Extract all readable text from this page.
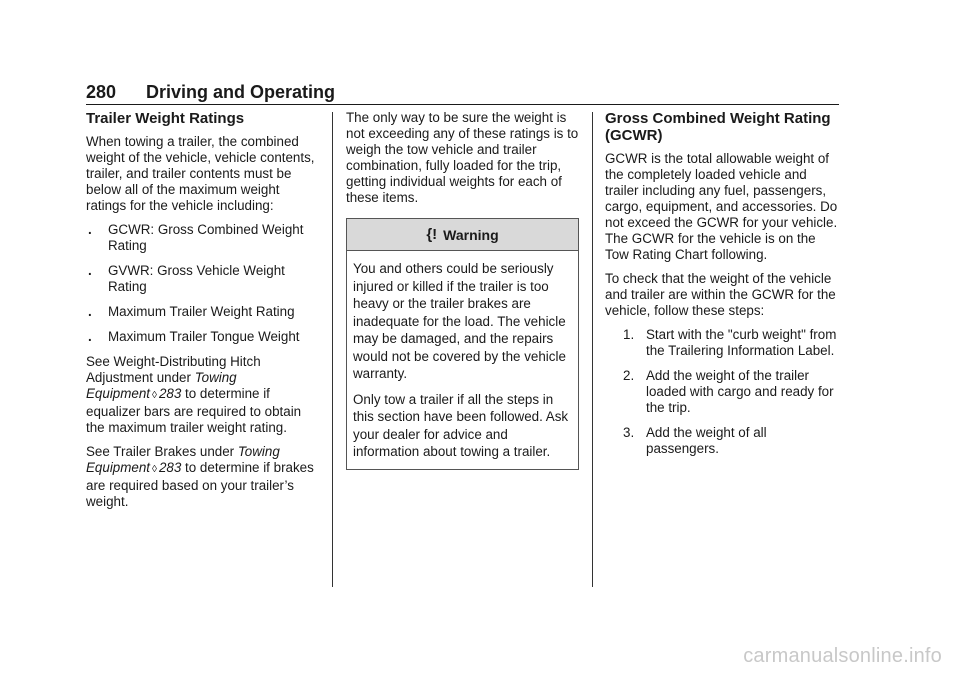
280 Driving and Operating
Trailer Weight Ratings

When towing a trailer, the combined weight of the vehicle, vehicle contents, trailer, and trailer contents must be below all of the maximum weight ratings for the vehicle including:

. GCWR: Gross Combined Weight Rating
. GVWR: Gross Vehicle Weight Rating
. Maximum Trailer Weight Rating
. Maximum Trailer Tongue Weight

See Weight-Distributing Hitch Adjustment under Towing Equipment ◊ 283 to determine if equalizer bars are required to obtain the maximum trailer weight rating.

See Trailer Brakes under Towing Equipment ◊ 283 to determine if brakes are required based on your trailer’s weight.

The only way to be sure the weight is not exceeding any of these ratings is to weigh the tow vehicle and trailer combination, fully loaded for the trip, getting individual weights for each of these items.

{! Warning

You and others could be seriously injured or killed if the trailer is too heavy or the trailer brakes are inadequate for the load. The vehicle may be damaged, and the repairs would not be covered by the vehicle warranty.

Only tow a trailer if all the steps in this section have been followed. Ask your dealer for advice and information about towing a trailer.

Gross Combined Weight Rating (GCWR)

GCWR is the total allowable weight of the completely loaded vehicle and trailer including any fuel, passengers, cargo, equipment, and accessories. Do not exceed the GCWR for your vehicle. The GCWR for the vehicle is on the Tow Rating Chart following.

To check that the weight of the vehicle and trailer are within the GCWR for the vehicle, follow these steps:

1. Start with the "curb weight" from the Trailering Information Label.
2. Add the weight of the trailer loaded with cargo and ready for the trip.
3. Add the weight of all passengers.
carmanualsonline.info
